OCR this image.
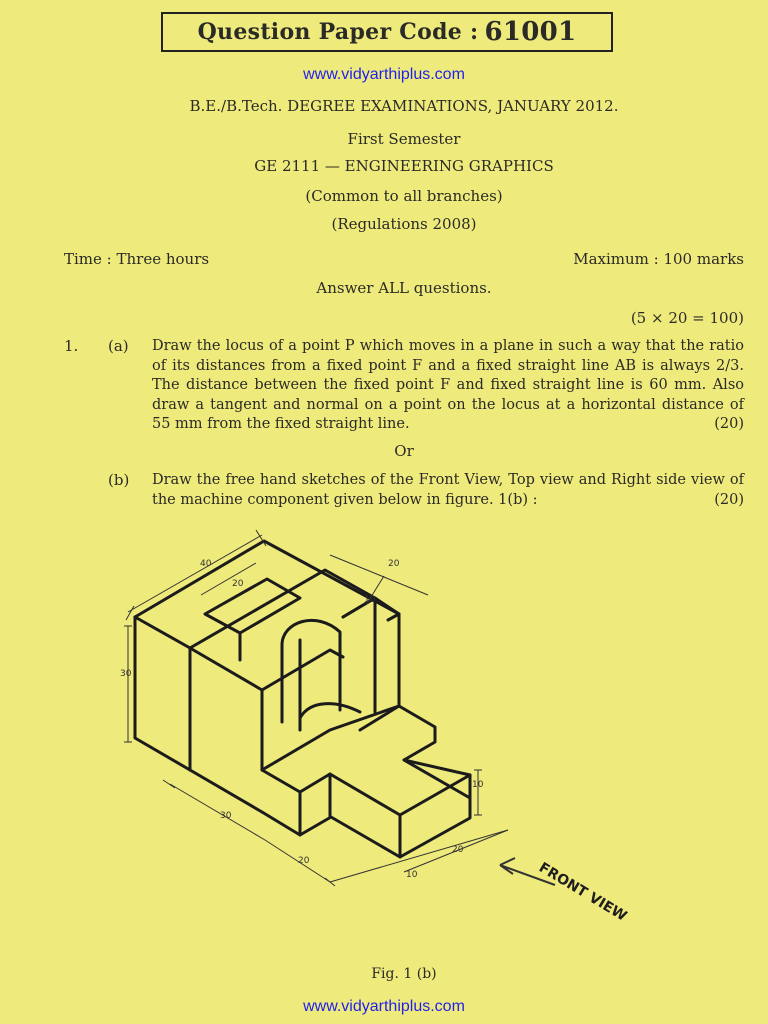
Question Paper Code : 61001
www.vidyarthiplus.com
B.E./B.Tech. DEGREE EXAMINATIONS, JANUARY 2012.
First Semester
GE 2111 — ENGINEERING GRAPHICS
(Common to all branches)
(Regulations 2008)
Time : Three hours	Maximum : 100 marks
Answer ALL questions.
(5 × 20 = 100)
1. (a) Draw the locus of a point P which moves in a plane in such a way that the ratio of its distances from a fixed point F and a fixed straight line AB is always 2/3. The distance between the fixed point F and fixed straight line is 60 mm. Also draw a tangent and normal on a point on the locus at a horizontal distance of 55 mm from the fixed straight line.	(20)
Or
(b) Draw the free hand sketches of the Front View, Top view and Right side view of the machine component given below in figure. 1(b) :	(20)
40
20
20
10
30
30
20
10
20
10
FRONT VIEW
Fig. 1 (b)
www.vidyarthiplus.com
